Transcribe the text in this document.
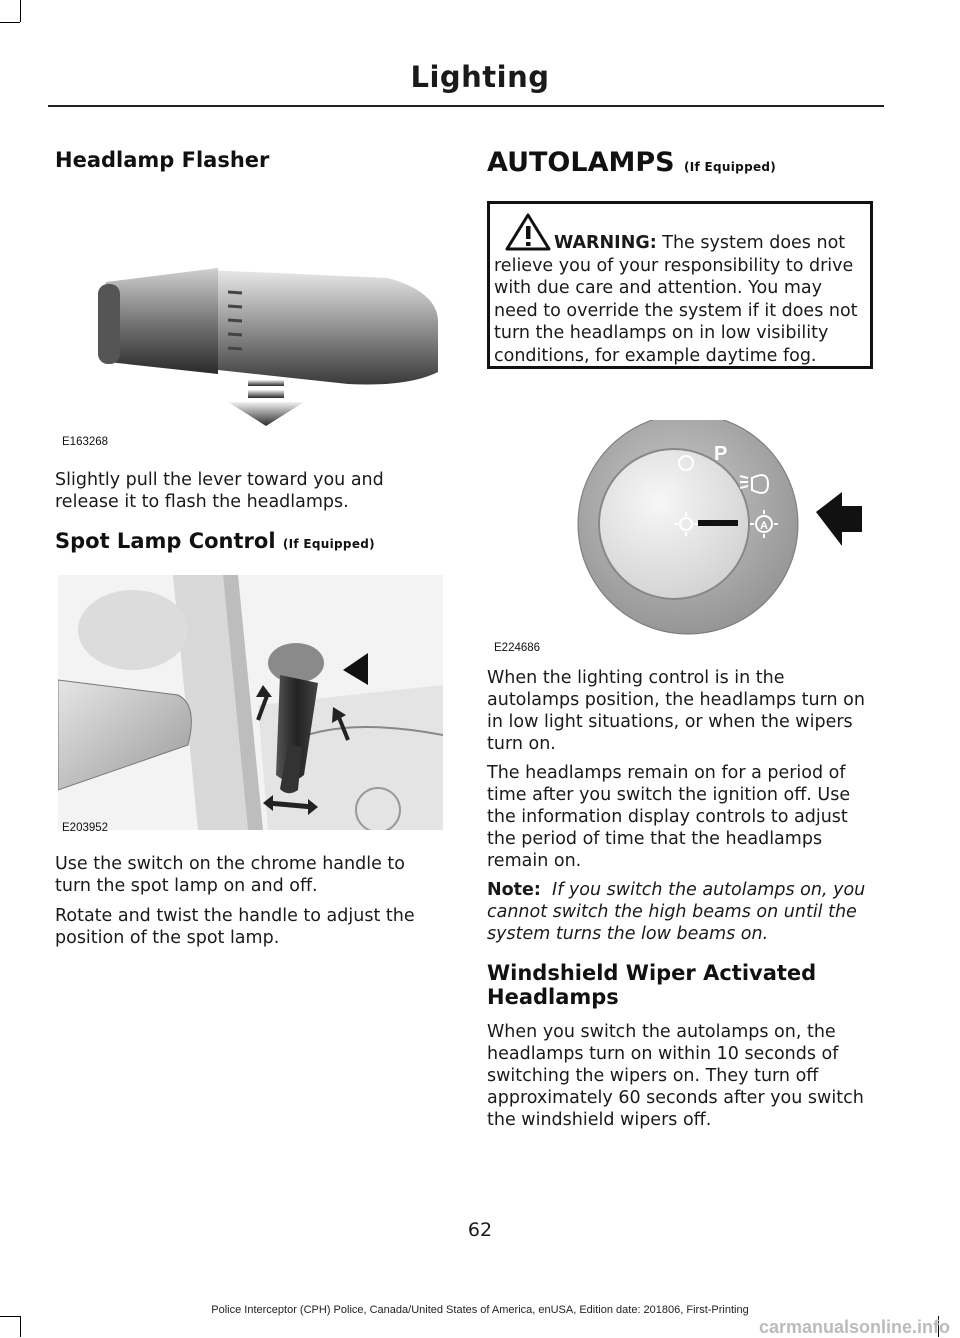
Lighting
Headlamp Flasher
E163268

Slightly pull the lever toward you and release it to flash the headlamps.

Spot Lamp Control (If Equipped)
E203952

Use the switch on the chrome handle to turn the spot lamp on and off.

Rotate and twist the handle to adjust the position of the spot lamp.

AUTOLAMPS (If Equipped)
WARNING: The system does not relieve you of your responsibility to drive with due care and attention. You may need to override the system if it does not turn the headlamps on in low visibility conditions, for example daytime fog.
P
A
E224686

When the lighting control is in the autolamps position, the headlamps turn on in low light situations, or when the wipers turn on.

The headlamps remain on for a period of time after you switch the ignition off. Use the information display controls to adjust the period of time that the headlamps remain on.

Note: If you switch the autolamps on, you cannot switch the high beams on until the system turns the low beams on.

Windshield Wiper Activated Headlamps

When you switch the autolamps on, the headlamps turn on within 10 seconds of switching the wipers on. They turn off approximately 60 seconds after you switch the windshield wipers off.

62
Police Interceptor (CPH) Police, Canada/United States of America, enUSA, Edition date: 201806, First-Printing
carmanualsonline.info
